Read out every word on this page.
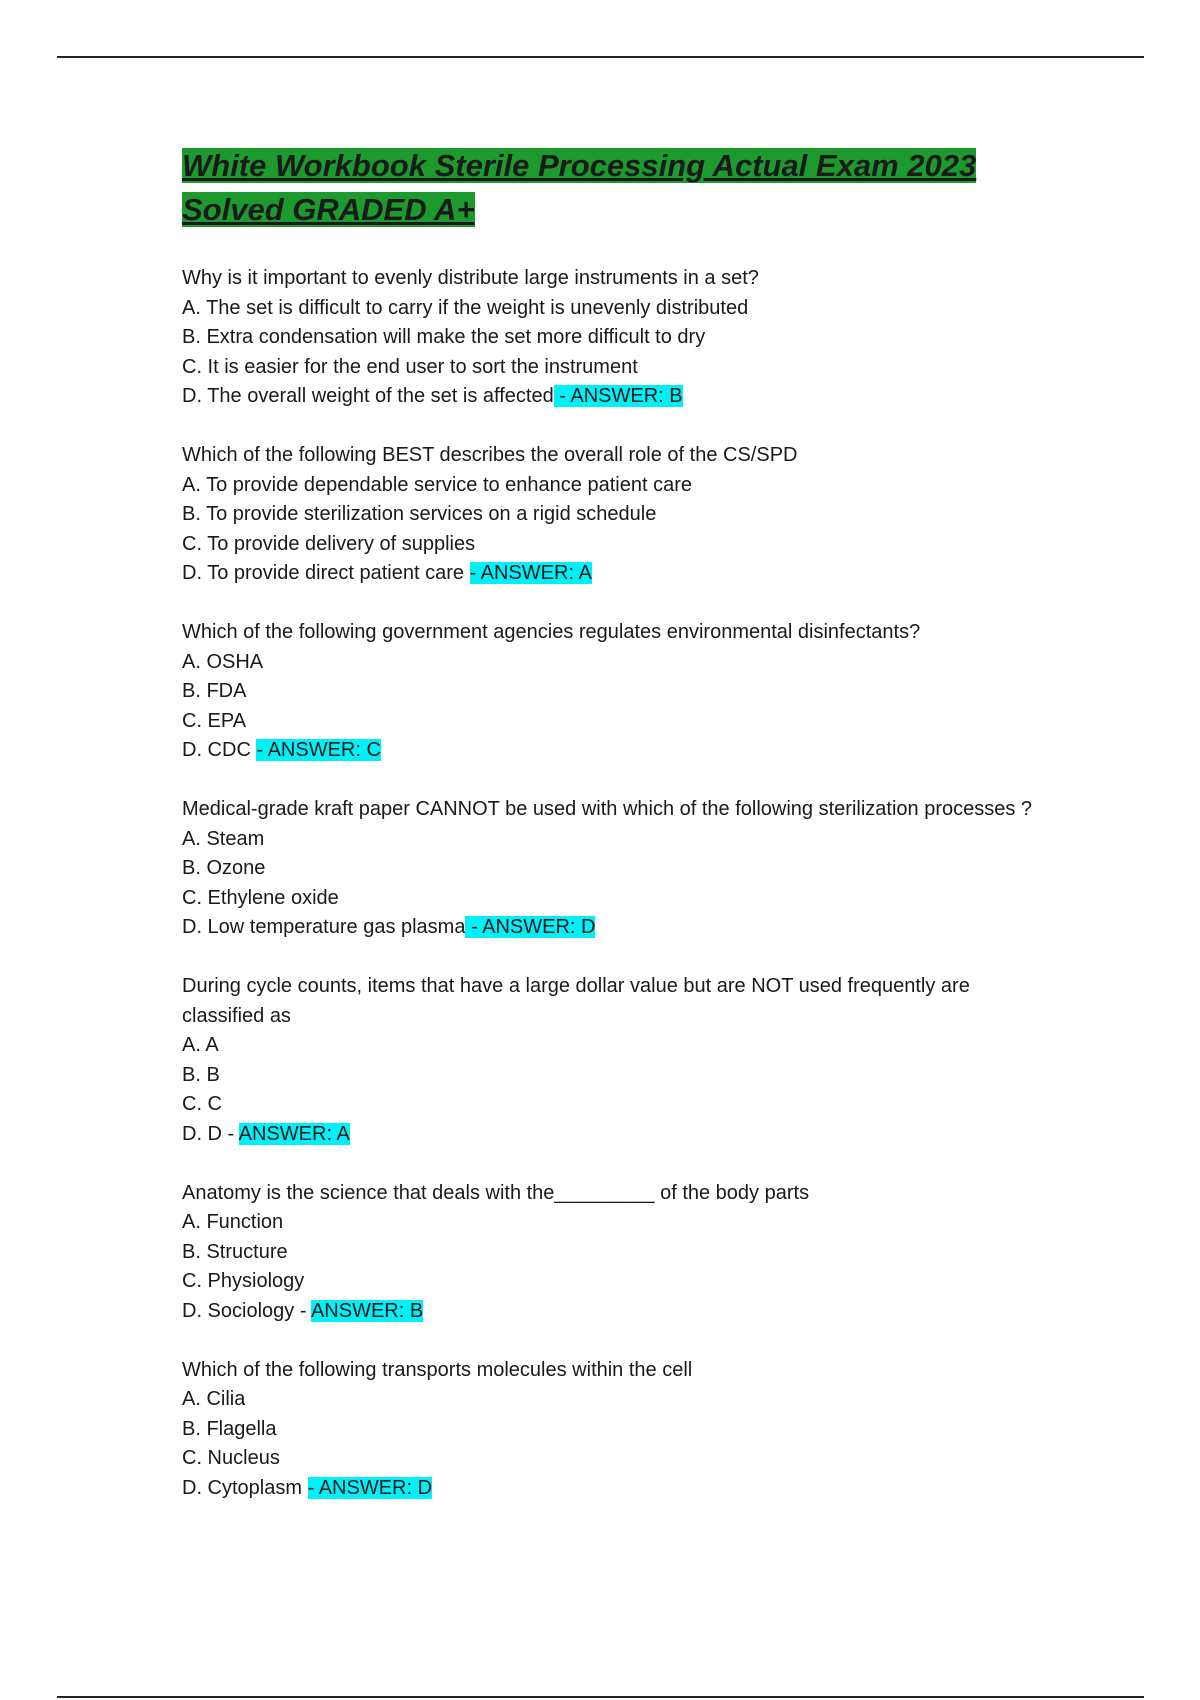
White Workbook Sterile Processing Actual Exam 2023 Solved GRADED A+
Why is it important to evenly distribute large instruments in a set?
A. The set is difficult to carry if the weight is unevenly distributed
B. Extra condensation will make the set more difficult to dry
C. It is easier for the end user to sort the instrument
D. The overall weight of the set is affected - ANSWER: B
Which of the following BEST describes the overall role of the CS/SPD
A. To provide dependable service to enhance patient care
B. To provide sterilization services on a rigid schedule
C. To provide delivery of supplies
D. To provide direct patient care - ANSWER: A
Which of the following government agencies regulates environmental disinfectants?
A. OSHA
B. FDA
C. EPA
D. CDC - ANSWER: C
Medical-grade kraft paper CANNOT be used with which of the following sterilization processes ?
A. Steam
B. Ozone
C. Ethylene oxide
D. Low temperature gas plasma - ANSWER: D
During cycle counts, items that have a large dollar value but are NOT used frequently are classified as
A. A
B. B
C. C
D. D - ANSWER: A
Anatomy is the science that deals with the_________ of the body parts
A. Function
B. Structure
C. Physiology
D. Sociology - ANSWER: B
Which of the following transports molecules within the cell
A. Cilia
B. Flagella
C. Nucleus
D. Cytoplasm - ANSWER: D
